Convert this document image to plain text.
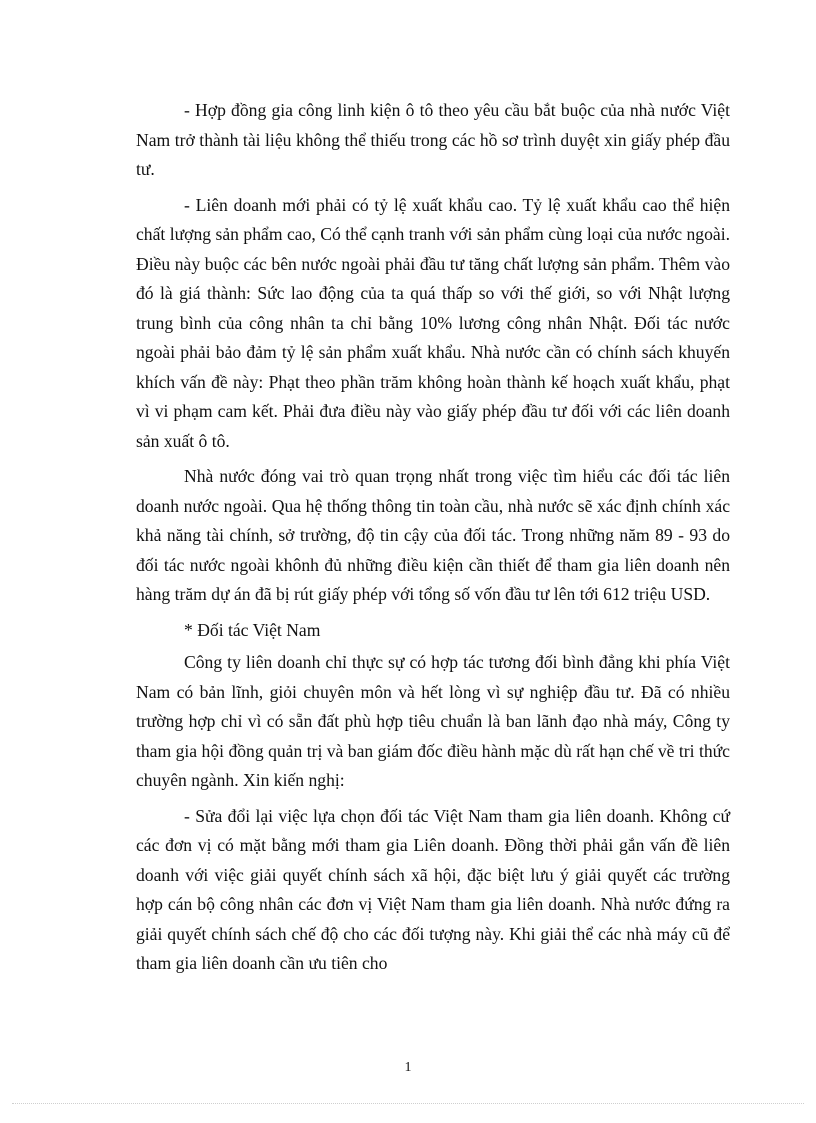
- Hợp đồng gia công linh kiện ô tô theo yêu cầu bắt buộc của nhà nước Việt Nam trở thành tài liệu không thể thiếu trong các hồ sơ trình duyệt xin giấy phép đầu tư.

- Liên doanh mới phải có tỷ lệ xuất khẩu cao. Tỷ lệ xuất khẩu cao thể hiện chất lượng sản phẩm cao, Có thể cạnh tranh với sản phẩm cùng loại của nước ngoài. Điều này buộc các bên nước ngoài phải đầu tư tăng chất lượng sản phẩm. Thêm vào đó là giá thành: Sức lao động của ta quá thấp so với thế giới, so với Nhật lượng trung bình của công nhân ta chỉ bằng 10% lương công nhân Nhật. Đối tác nước ngoài phải bảo đảm tỷ lệ sản phẩm xuất khẩu. Nhà nước cần có chính sách khuyến khích vấn đề này: Phạt theo phần trăm không hoàn thành kế hoạch xuất khẩu, phạt vì vi phạm cam kết. Phải đưa điều này vào giấy phép đầu tư đối với các liên doanh sản xuất ô tô.

Nhà nước đóng vai trò quan trọng nhất trong việc tìm hiểu các đối tác liên doanh nước ngoài. Qua hệ thống thông tin toàn cầu, nhà nước sẽ xác định chính xác khả năng tài chính, sở trường, độ tin cậy của đối tác. Trong những năm 89 - 93 do đối tác nước ngoài khônh đủ những điều kiện cần thiết để tham gia liên doanh nên hàng trăm dự án đã bị rút giấy phép với tổng số vốn đầu tư lên tới 612 triệu USD.

* Đối tác Việt Nam

Công ty liên doanh chỉ thực sự có hợp tác tương đối bình đẳng khi phía Việt Nam có bản lĩnh, giỏi chuyên môn và hết lòng vì sự nghiệp đầu tư. Đã có nhiều trường hợp chỉ vì có sẵn đất phù hợp tiêu chuẩn là ban lãnh đạo nhà máy, Công ty tham gia hội đồng quản trị và ban giám đốc điều hành mặc dù rất hạn chế về tri thức chuyên ngành. Xin kiến nghị:

- Sửa đổi lại việc lựa chọn đối tác Việt Nam tham gia liên doanh. Không cứ các đơn vị có mặt bằng mới tham gia Liên doanh. Đồng thời phải gắn vấn đề liên doanh với việc giải quyết chính sách xã hội, đặc biệt lưu ý giải quyết các trường hợp cán bộ công nhân các đơn vị Việt Nam tham gia liên doanh. Nhà nước đứng ra giải quyết chính sách chế độ cho các đối tượng này. Khi giải thể các nhà máy cũ để tham gia liên doanh cần ưu tiên cho

1
